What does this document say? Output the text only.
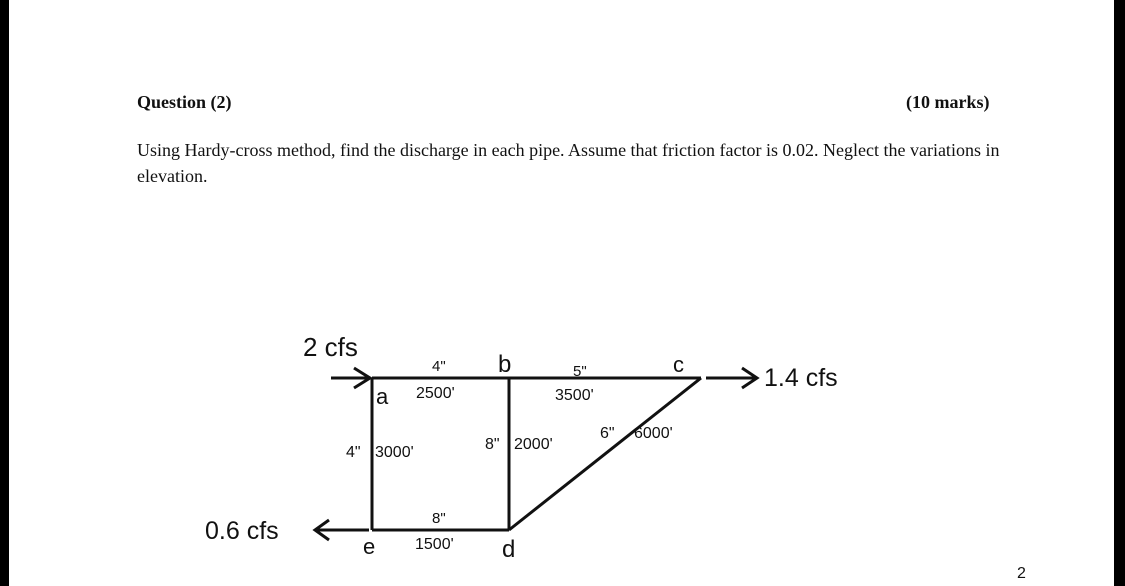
Question (2)	(10 marks)
Using Hardy-cross method, find the discharge in each pipe. Assume that friction factor is 0.02. Neglect the variations in elevation.
2 cfs
1.4 cfs
0.6 cfs
a
b	c
d
e
4"
2500'
5"
3500'
4" 3000'	8" 2000'
6" 6000'
8"
1500'
2
